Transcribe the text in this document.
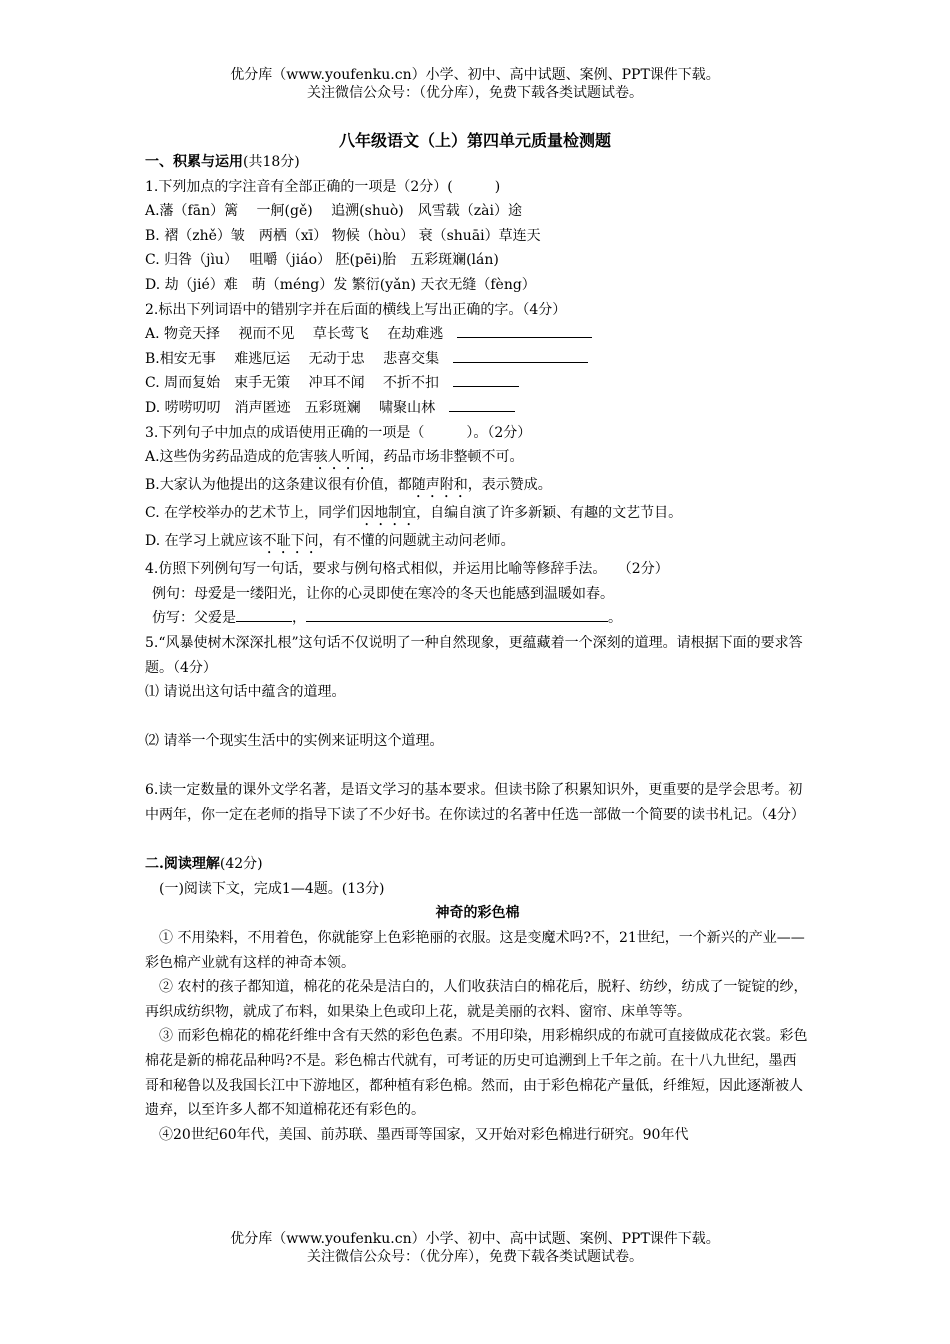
优分库（www.youfenku.cn）小学、初中、高中试题、案例、PPT课件下载。
关注微信公众号：（优分库），免费下载各类试题试卷。
八年级语文（上）第四单元质量检测题

一、积累与运用(共18分)

1.下列加点的字注音有全部正确的一项是（2分）(　　　)

A.藩（fān）篱　 一舸(gě)　 追溯(shuò)　风雪载（zài）途

B. 褶（zhě）皱　两栖（xī） 物候（hòu） 衰（shuāi）草连天

C. 归咎（jìu）　 咀嚼（jiáo） 胚(pēi)胎　五彩斑斓(lán)

D. 劫（jié）难　萌（méng）发 繁衍(yǎn) 天衣无缝（fèng）

2.标出下列词语中的错别字并在后面的横线上写出正确的字。（4分）

A. 物竞天择　 视而不见　 草长莺飞　 在劫难逃　

B.相安无事　 难逃厄运　 无动于忠　 悲喜交集　

C. 周而复始　束手无策　 冲耳不闻　 不折不扣　

D. 唠唠叨叨　消声匿迹　五彩斑斓　 啸聚山林　

3.下列句子中加点的成语使用正确的一项是（　　　）。（2分）

A.这些伪劣药品造成的危害骇人听闻，药品市场非整顿不可。

B.大家认为他提出的这条建议很有价值，都随声附和，表示赞成。

C. 在学校举办的艺术节上，同学们因地制宜，自编自演了许多新颖、有趣的文艺节目。

D. 在学习上就应该不耻下问，有不懂的问题就主动问老师。

4.仿照下列例句写一句话，要求与例句格式相似，并运用比喻等修辞手法。　 （2分）

例句：母爱是一缕阳光，让你的心灵即使在寒冷的冬天也能感到温暖如春。

仿写：父爱是	，	。

5.“风暴使树木深深扎根”这句话不仅说明了一种自然现象，更蕴藏着一个深刻的道理。请根据下面的要求答题。（4分）

⑴ 请说出这句话中蕴含的道理。

⑵ 请举一个现实生活中的实例来证明这个道理。

6.读一定数量的课外文学名著，是语文学习的基本要求。但读书除了积累知识外，更重要的是学会思考。初中两年，你一定在老师的指导下读了不少好书。在你读过的名著中任选一部做一个简要的读书札记。（4分）

二.阅读理解(42分)

(一)阅读下文，完成1—4题。(13分)

神奇的彩色棉

① 不用染料，不用着色，你就能穿上色彩艳丽的衣服。这是变魔术吗?不，21世纪，一个新兴的产业——彩色棉产业就有这样的神奇本领。

② 农村的孩子都知道，棉花的花朵是洁白的，人们收获洁白的棉花后，脱籽、纺纱，纺成了一锭锭的纱，再织成纺织物，就成了布料，如果染上色或印上花，就是美丽的衣料、窗帘、床单等等。

③ 而彩色棉花的棉花纤维中含有天然的彩色色素。不用印染，用彩棉织成的布就可直接做成花衣裳。彩色棉花是新的棉花品种吗?不是。彩色棉古代就有，可考证的历史可追溯到上千年之前。在十八九世纪，墨西哥和秘鲁以及我国长江中下游地区，都种植有彩色棉。然而，由于彩色棉花产量低，纤维短，因此逐渐被人遗弃，以至许多人都不知道棉花还有彩色的。

④20世纪60年代，美国、前苏联、墨西哥等国家，又开始对彩色棉进行研究。90年代

优分库（www.youfenku.cn）小学、初中、高中试题、案例、PPT课件下载。
关注微信公众号：（优分库），免费下载各类试题试卷。
